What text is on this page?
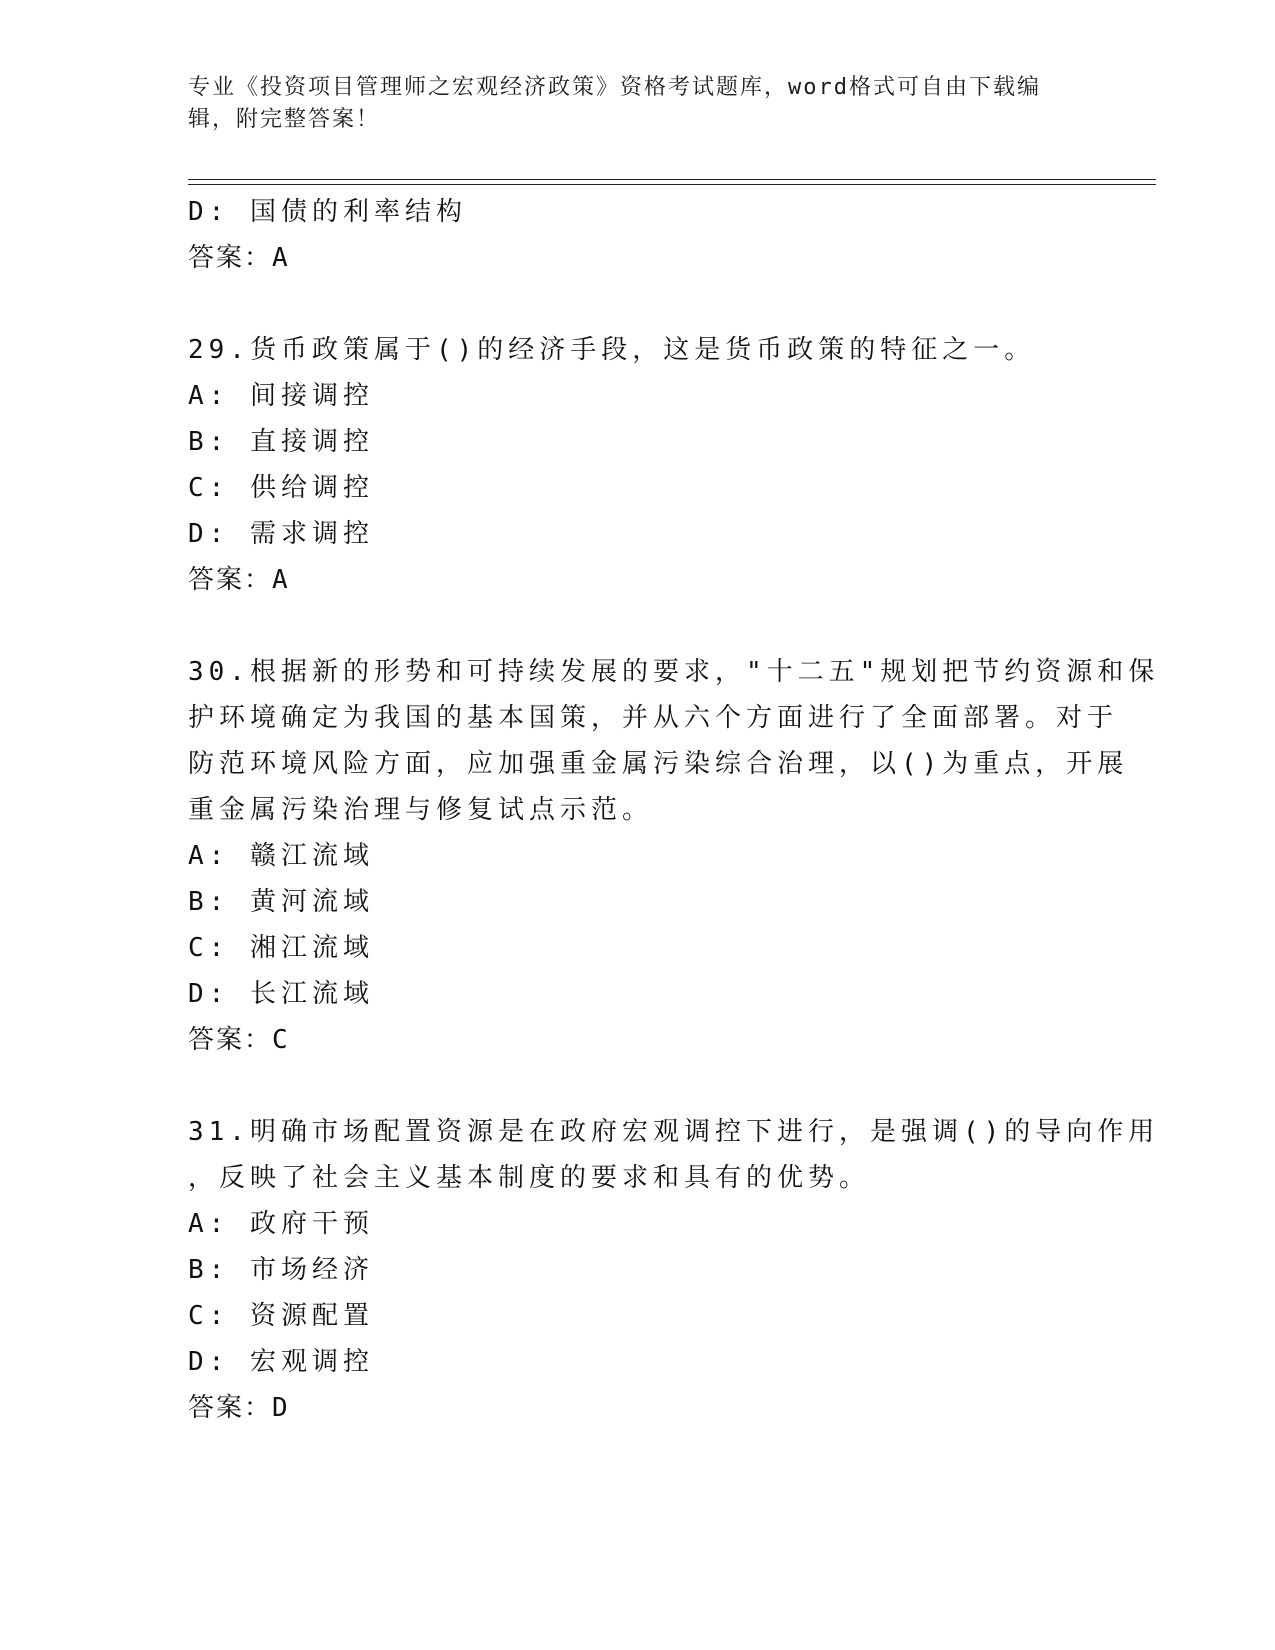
专业《投资项目管理师之宏观经济政策》资格考试题库，word格式可自由下载编
辑，附完整答案！
D: 国债的利率结构
答案：A
29.货币政策属于()的经济手段，这是货币政策的特征之一。
A: 间接调控
B: 直接调控
C: 供给调控
D: 需求调控
答案：A
30.根据新的形势和可持续发展的要求，"十二五"规划把节约资源和保
护环境确定为我国的基本国策，并从六个方面进行了全面部署。对于
防范环境风险方面，应加强重金属污染综合治理，以()为重点，开展
重金属污染治理与修复试点示范。
A: 赣江流域
B: 黄河流域
C: 湘江流域
D: 长江流域
答案：C
31.明确市场配置资源是在政府宏观调控下进行，是强调()的导向作用
，反映了社会主义基本制度的要求和具有的优势。
A: 政府干预
B: 市场经济
C: 资源配置
D: 宏观调控
答案：D
